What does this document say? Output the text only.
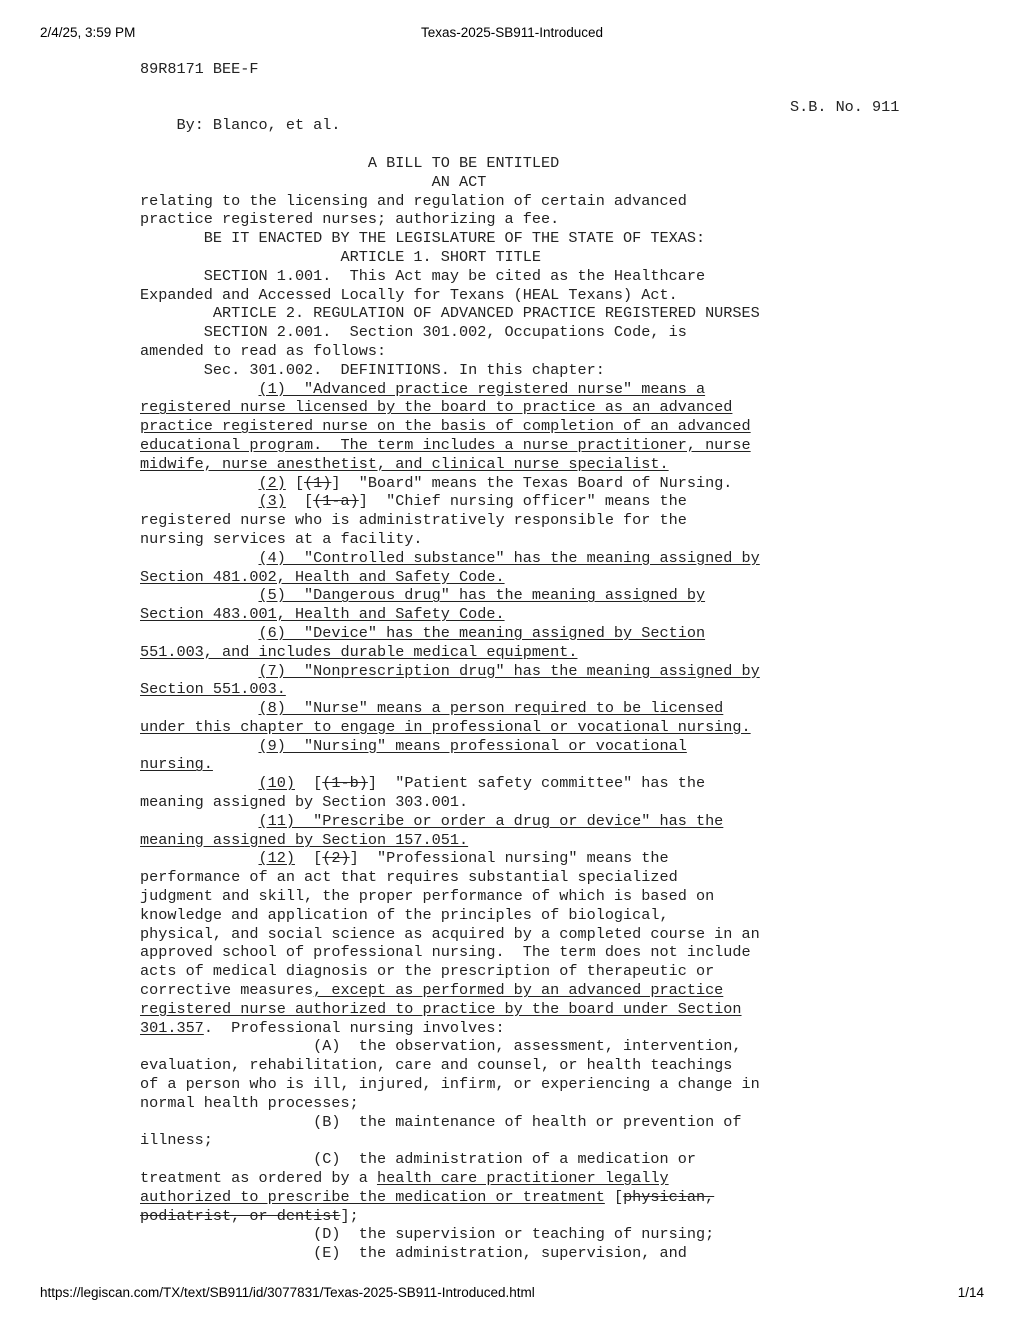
2/4/25, 3:59 PM	Texas-2025-SB911-Introduced
89R8171 BEE-F

By: Blanco, et al.

S.B. No. 911

A BILL TO BE ENTITLED
AN ACT
relating to the licensing and regulation of certain advanced
practice registered nurses; authorizing a fee.
BE IT ENACTED BY THE LEGISLATURE OF THE STATE OF TEXAS:
ARTICLE 1. SHORT TITLE
SECTION 1.001.  This Act may be cited as the Healthcare
Expanded and Accessed Locally for Texans (HEAL Texans) Act.
ARTICLE 2. REGULATION OF ADVANCED PRACTICE REGISTERED NURSES
SECTION 2.001.  Section 301.002, Occupations Code, is
amended to read as follows:
Sec. 301.002.  DEFINITIONS. In this chapter:
(1)  "Advanced practice registered nurse" means a
registered nurse licensed by the board to practice as an advanced
practice registered nurse on the basis of completion of an advanced
educational program.  The term includes a nurse practitioner, nurse
midwife, nurse anesthetist, and clinical nurse specialist.
(2) [(1)]  "Board" means the Texas Board of Nursing.
(3)  [(1-a)]  "Chief nursing officer" means the
registered nurse who is administratively responsible for the
nursing services at a facility.
(4)  "Controlled substance" has the meaning assigned by
Section 481.002, Health and Safety Code.
(5)  "Dangerous drug" has the meaning assigned by
Section 483.001, Health and Safety Code.
(6)  "Device" has the meaning assigned by Section
551.003, and includes durable medical equipment.
(7)  "Nonprescription drug" has the meaning assigned by
Section 551.003.
(8)  "Nurse" means a person required to be licensed
under this chapter to engage in professional or vocational nursing.
(9)  "Nursing" means professional or vocational
nursing.
(10)  [(1-b)]  "Patient safety committee" has the
meaning assigned by Section 303.001.
(11)  "Prescribe or order a drug or device" has the
meaning assigned by Section 157.051.
(12)  [(2)]  "Professional nursing" means the
performance of an act that requires substantial specialized
judgment and skill, the proper performance of which is based on
knowledge and application of the principles of biological,
physical, and social science as acquired by a completed course in an
approved school of professional nursing.  The term does not include
acts of medical diagnosis or the prescription of therapeutic or
corrective measures, except as performed by an advanced practice
registered nurse authorized to practice by the board under Section
301.357.  Professional nursing involves:
(A)  the observation, assessment, intervention,
evaluation, rehabilitation, care and counsel, or health teachings
of a person who is ill, injured, infirm, or experiencing a change in
normal health processes;
(B)  the maintenance of health or prevention of
illness;
(C)  the administration of a medication or
treatment as ordered by a health care practitioner legally
authorized to prescribe the medication or treatment [physician,
podiatrist, or dentist];
(D)  the supervision or teaching of nursing;
(E)  the administration, supervision, and
https://legiscan.com/TX/text/SB911/id/3077831/Texas-2025-SB911-Introduced.html	1/14
